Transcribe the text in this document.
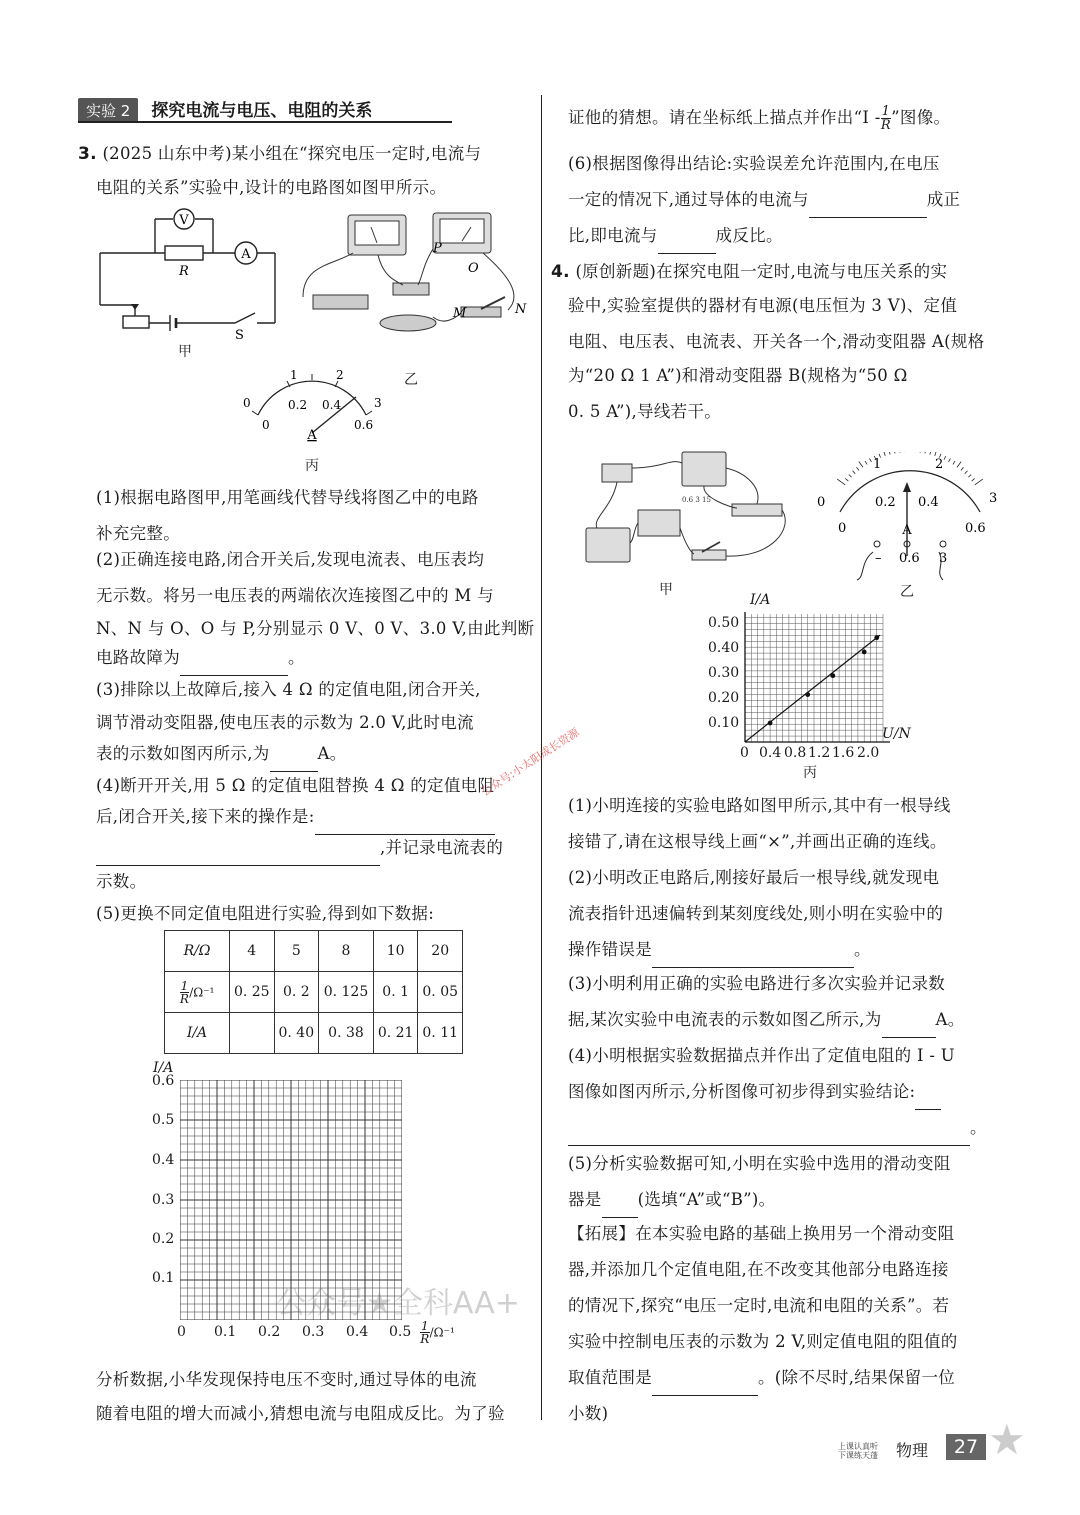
实验 2 探究电流与电压、电阻的关系
3. (2025 山东中考)某小组在“探究电压一定时,电流与
电阻的关系”实验中,设计的电路图如图甲所示。
V
A
R
S
甲
P
O
M	N
乙
1	2
0.2 0.4
0	3
0	0.6
A
丙
(1)根据电路图甲,用笔画线代替导线将图乙中的电路
补充完整。
(2)正确连接电路,闭合开关后,发现电流表、电压表均
无示数。将另一电压表的两端依次连接图乙中的 M 与
N、N 与 O、O 与 P,分别显示 0 V、0 V、3.0 V,由此判断
电路故障为	。
(3)排除以上故障后,接入 4 Ω 的定值电阻,闭合开关,
调节滑动变阻器,使电压表的示数为 2.0 V,此时电流
表的示数如图丙所示,为	A。
(4)断开开关,用 5 Ω 的定值电阻替换 4 Ω 的定值电阻
后,闭合开关,接下来的操作是:
,并记录电流表的
示数。
(5)更换不同定值电阻进行实验,得到如下数据:
R/Ω	4	5	8	10	20

$\frac{1}{R} /\Omega^{-1}$	0. 25	0. 2	0. 125	0. 1	0. 05
I/A		0. 40	0. 38	0. 21	0. 11
I/A
0.6
0.5
0.4
0.3
0.2
0.1
0 0.1 0.2 0.3 0.4 $0.5 \frac{1}{R} /\Omega^{-1}$
分析数据,小华发现保持电压不变时,通过导体的电流
随着电阻的增大而减小,猜想电流与电阻成反比。为了验
证他的猜想。请在坐标纸上描点并作出“I - $\frac{1}{R}$ ”图像。
(6)根据图像得出结论:实验误差允许范围内,在电压
一定的情况下,通过导体的电流与	成正
比,即电流与	成反比。
4. (原创新题)在探究电阻一定时,电流与电压关系的实
验中,实验室提供的器材有电源(电压恒为 3 V)、定值
电阻、电压表、电流表、开关各一个,滑动变阻器 A(规格
为“20 Ω 1 A”)和滑动变阻器 B(规格为“50 Ω
0. 5 A”),导线若干。
0.6 3 15
甲
1	2
0.2 0.4
0	3
0	0.6
A
– 0.6 3
乙
I/A
0.50
0.40
0.30
0.20
0.10
0 0.4 0.8 1.2 1.6 2.0
U/N
丙
(1)小明连接的实验电路如图甲所示,其中有一根导线
接错了,请在这根导线上画“×”,并画出正确的连线。
(2)小明改正电路后,刚接好最后一根导线,就发现电
流表指针迅速偏转到某刻度线处,则小明在实验中的
操作错误是	。
(3)小明利用正确的实验电路进行多次实验并记录数
据,某次实验中电流表的示数如图乙所示,为	A。
(4)小明根据实验数据描点并作出了定值电阻的 I - U
图像如图丙所示,分析图像可初步得到实验结论:
。
(5)分析实验数据可知,小明在实验中选用的滑动变阻
器是 (选填“A”或“B”)。
【拓展】在本实验电路的基础上换用另一个滑动变阻
器,并添加几个定值电阻,在不改变其他部分电路连接
的情况下,探究“电压一定时,电流和电阻的关系”。若
实验中控制电压表的示数为 2 V,则定值电阻的阻值的
取值范围是	。(除不尽时,结果保留一位
小数)
上课认真听
下课练天蓬 物理	27 ★
公众号★全科AA+
公众号:小太阳成长资源
